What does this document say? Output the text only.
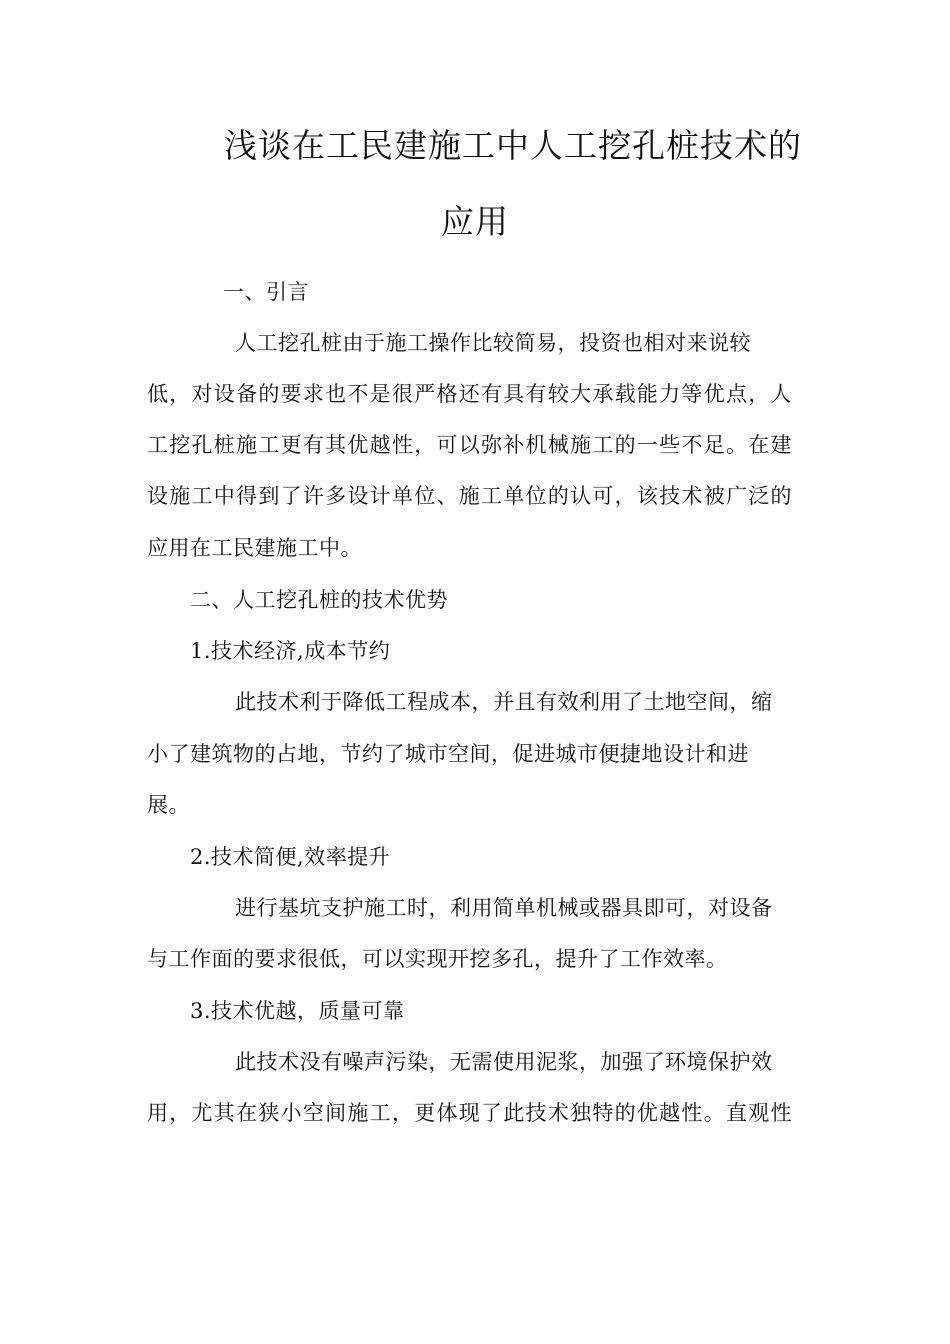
浅谈在工民建施工中人工挖孔桩技术的
应用
一、引言
人工挖孔桩由于施工操作比较简易，投资也相对来说较
低，对设备的要求也不是很严格还有具有较大承载能力等优点，人
工挖孔桩施工更有其优越性，可以弥补机械施工的一些不足。在建
设施工中得到了许多设计单位、施工单位的认可，该技术被广泛的
应用在工民建施工中。
二、人工挖孔桩的技术优势
1.技术经济,成本节约
此技术利于降低工程成本，并且有效利用了土地空间，缩
小了建筑物的占地，节约了城市空间，促进城市便捷地设计和进
展。
2.技术简便,效率提升
进行基坑支护施工时，利用简单机械或器具即可，对设备
与工作面的要求很低，可以实现开挖多孔，提升了工作效率。
3.技术优越，质量可靠
此技术没有噪声污染，无需使用泥浆，加强了环境保护效
用，尤其在狭小空间施工，更体现了此技术独特的优越性。直观性
